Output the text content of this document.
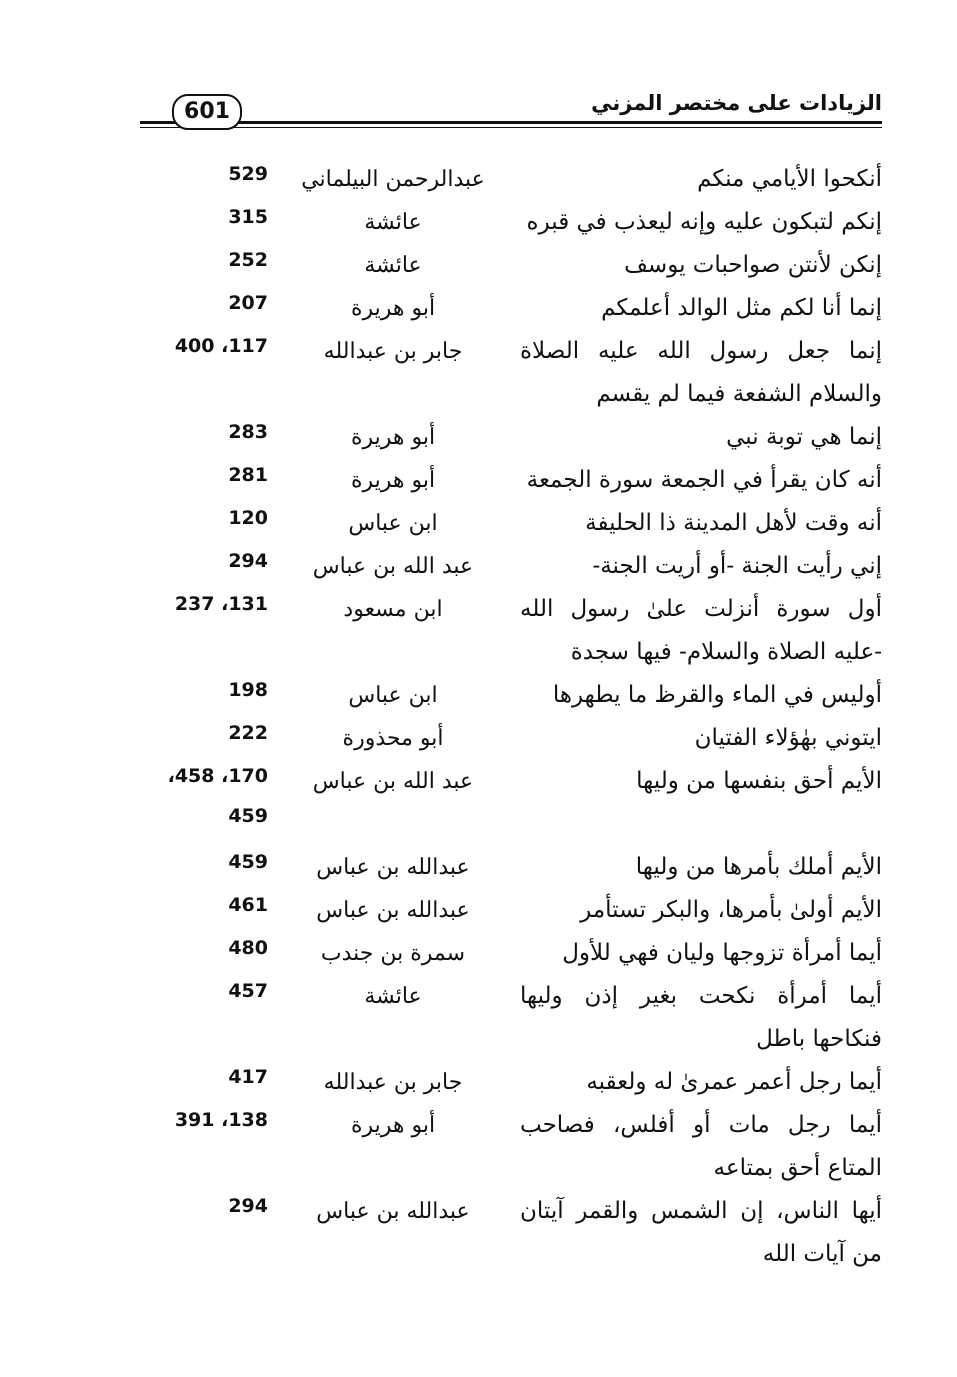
601	الزيادات على مختصر المزني
أنكحوا الأيامي منكم
عبدالرحمن البيلماني
529
إنكم لتبكون عليه وإنه ليعذب في قبره
عائشة
315
إنكن لأنتن صواحبات يوسف
عائشة
252
إنما أنا لكم مثل الوالد أعلمكم
أبو هريرة
207
إنما جعل رسول الله عليه الصلاة والسلام الشفعة فيما لم يقسم
جابر بن عبدالله
117، 400
إنما هي توبة نبي
أبو هريرة
283
أنه كان يقرأ في الجمعة سورة الجمعة
أبو هريرة
281
أنه وقت لأهل المدينة ذا الحليفة
ابن عباس
120
إني رأيت الجنة -أو أريت الجنة-
عبد الله بن عباس
294
أول سورة أنزلت علىٰ رسول الله -عليه الصلاة والسلام- فيها سجدة
ابن مسعود
131، 237
أوليس في الماء والقرظ ما يطهرها
ابن عباس
198
ايتوني بهٰؤلاء الفتيان
أبو محذورة
222
الأيم أحق بنفسها من وليها
عبد الله بن عباس
170، 458، 459
الأيم أملك بأمرها من وليها
عبدالله بن عباس
459
الأيم أولىٰ بأمرها، والبكر تستأمر
عبدالله بن عباس
461
أيما أمرأة تزوجها وليان فهي للأول
سمرة بن جندب
480
أيما أمرأة نكحت بغير إذن وليها فنكاحها باطل
عائشة
457
أيما رجل أعمر عمرىٰ له ولعقبه
جابر بن عبدالله
417
أيما رجل مات أو أفلس، فصاحب المتاع أحق بمتاعه
أبو هريرة
138، 391
أيها الناس، إن الشمس والقمر آيتان من آيات الله
عبدالله بن عباس
294
